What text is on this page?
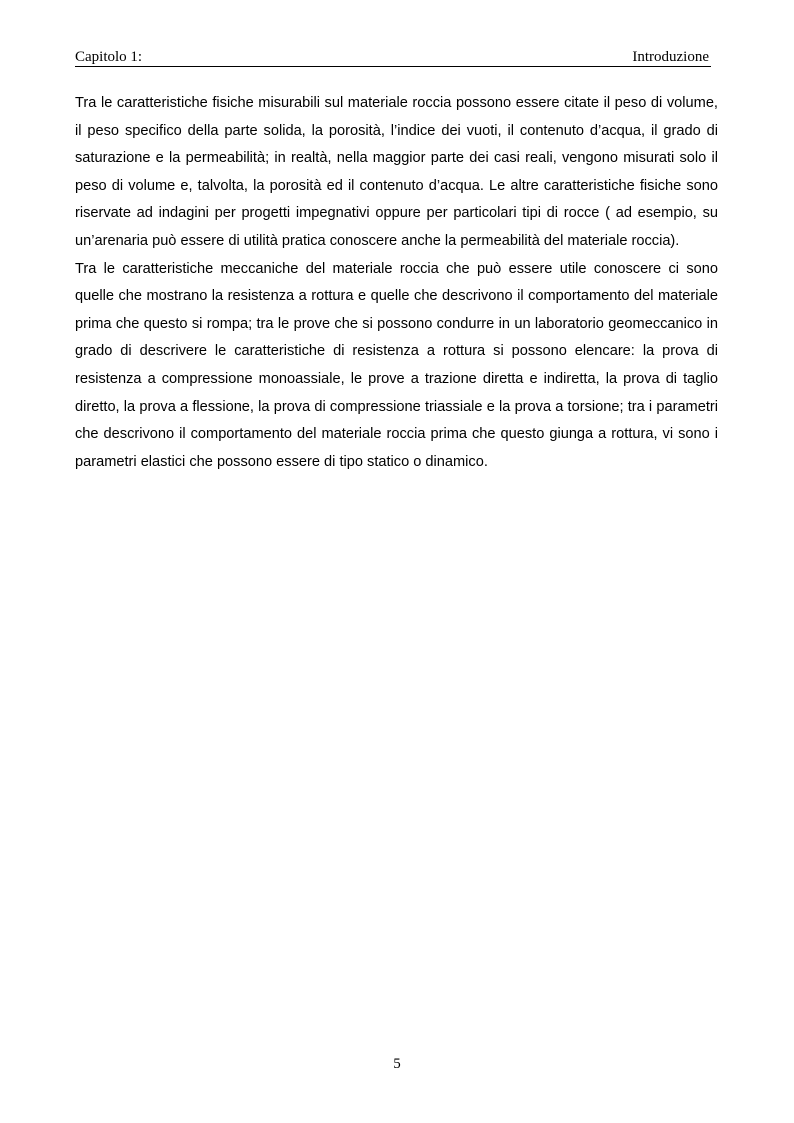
Capitolo 1:	Introduzione

Tra le caratteristiche fisiche misurabili sul materiale roccia possono essere citate il peso di volume, il peso specifico della parte solida, la porosità, l’indice dei vuoti, il contenuto d’acqua, il grado di saturazione e la permeabilità; in realtà, nella maggior parte dei casi reali, vengono misurati solo il peso di volume e, talvolta, la porosità ed il contenuto d’acqua. Le altre caratteristiche fisiche sono riservate ad indagini per progetti impegnativi oppure per particolari tipi di rocce ( ad esempio, su un’arenaria può essere di utilità pratica conoscere anche la permeabilità del materiale roccia).

Tra le caratteristiche meccaniche del materiale roccia che può essere utile conoscere ci sono quelle che mostrano la resistenza a rottura e quelle che descrivono il comportamento del materiale prima che questo si rompa; tra le prove che si possono condurre in un laboratorio geomeccanico in grado di descrivere le caratteristiche di resistenza a rottura si possono elencare: la prova di resistenza a compressione monoassiale, le prove a trazione diretta e indiretta, la prova di taglio diretto, la prova a flessione, la prova di compressione triassiale e la prova a torsione; tra i parametri che descrivono il comportamento del materiale roccia prima che questo giunga a rottura, vi sono i parametri elastici che possono essere di tipo statico o dinamico.

5
